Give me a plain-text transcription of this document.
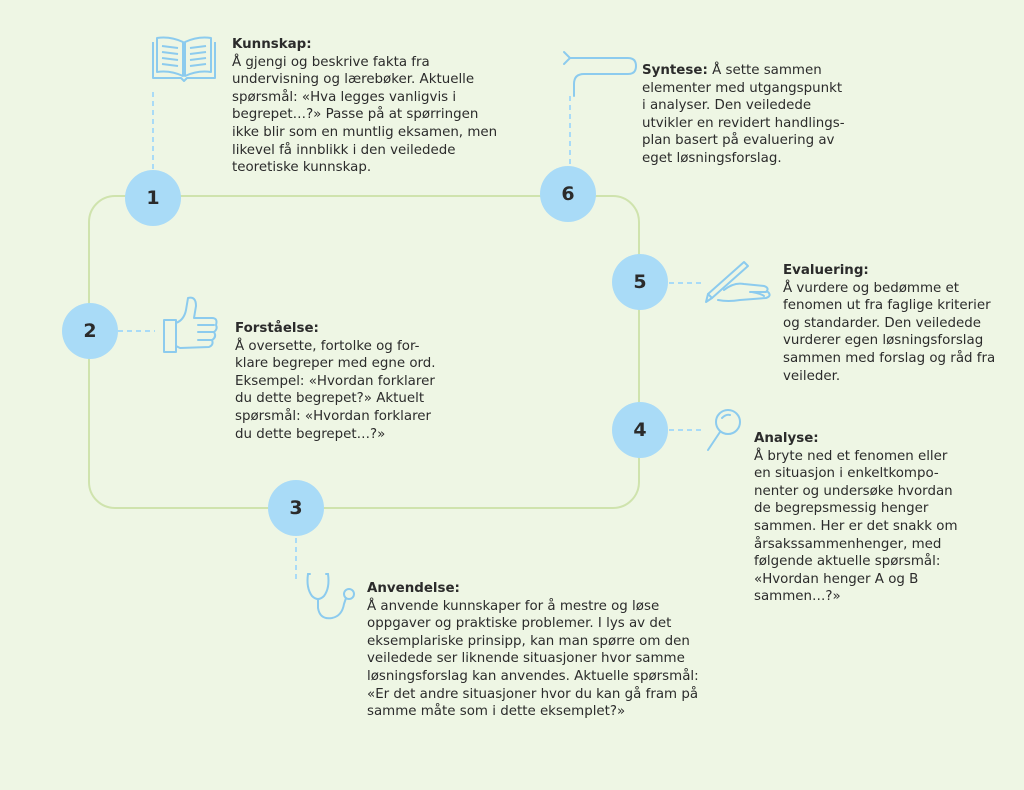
1
2
3
4
5
6

Kunnskap:

Å gjengi og beskrive fakta fra

undervisning og lærebøker. Aktuelle

spørsmål: «Hva legges vanligvis i

begrepet…?» Passe på at spørringen

ikke blir som en muntlig eksamen, men

likevel få innblikk i den veiledede

teoretiske kunnskap.

Forståelse:

Å oversette, fortolke og for-

klare begreper med egne ord.

Eksempel: «Hvordan forklarer

du dette begrepet?» Aktuelt

spørsmål: «Hvordan forklarer

du dette begrepet…?»

Anvendelse:

Å anvende kunnskaper for å mestre og løse

oppgaver og praktiske problemer. I lys av det

eksemplariske prinsipp, kan man spørre om den

veiledede ser liknende situasjoner hvor samme

løsningsforslag kan anvendes. Aktuelle spørsmål:

«Er det andre situasjoner hvor du kan gå fram på

samme måte som i dette eksemplet?»

Analyse:

Å bryte ned et fenomen eller

en situasjon i enkeltkompo-

nenter og undersøke hvordan

de begrepsmessig henger

sammen. Her er det snakk om

årsakssammenhenger, med

følgende aktuelle spørsmål:

«Hvordan henger A og B

sammen…?»

Evaluering:

Å vurdere og bedømme et

fenomen ut fra faglige kriterier

og standarder. Den veiledede

vurderer egen løsningsforslag

sammen med forslag og råd fra

veileder.

Syntese: Å sette sammen

elementer med utgangspunkt

i analyser. Den veiledede

utvikler en revidert handlings-

plan basert på evaluering av

eget løsningsforslag.
